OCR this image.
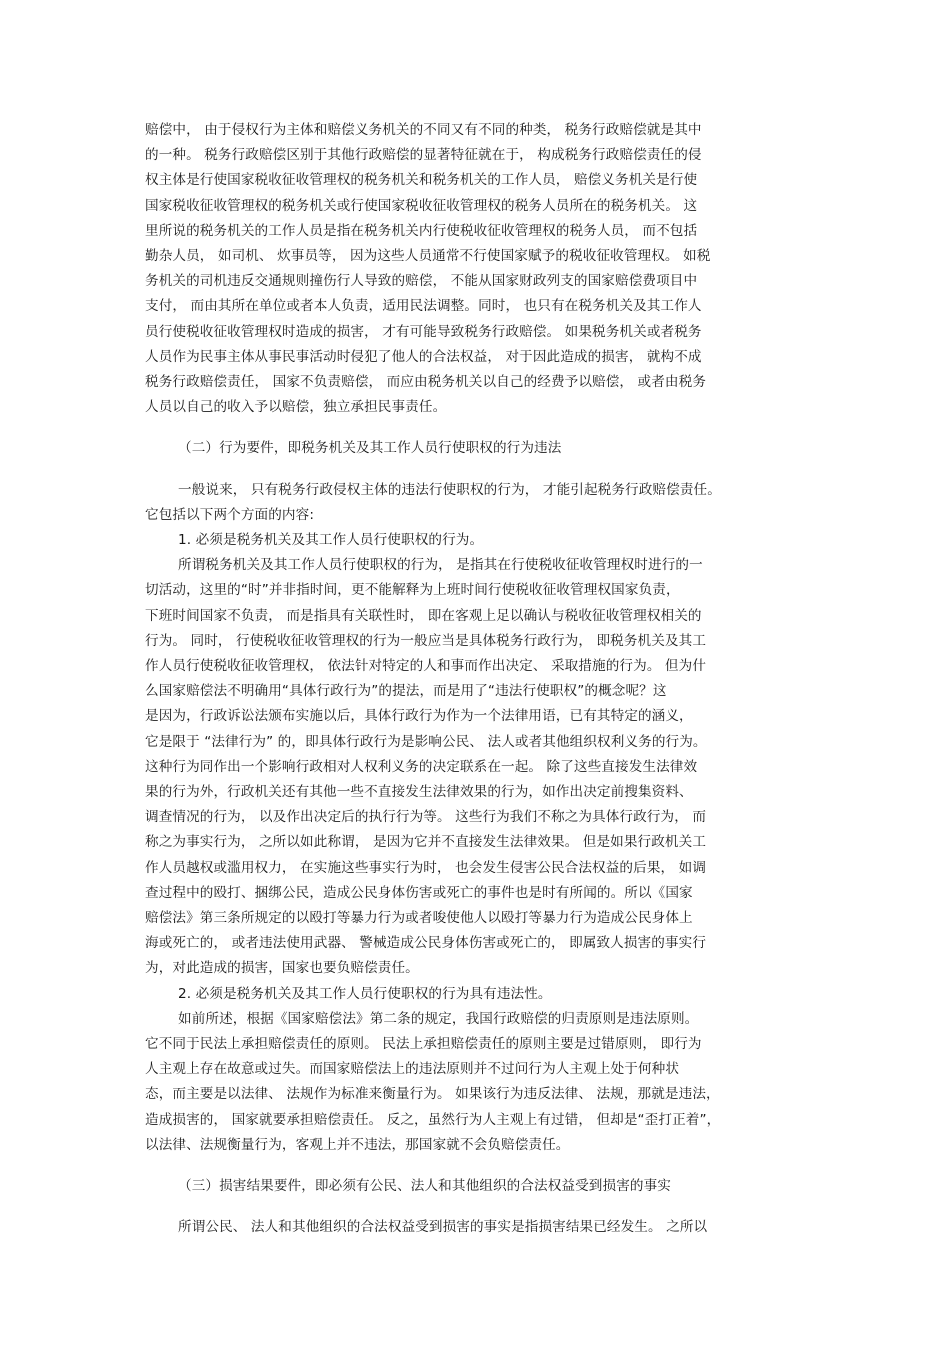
赔偿中， 由于侵权行为主体和赔偿义务机关的不同又有不同的种类， 税务行政赔偿就是其中
的一种。 税务行政赔偿区别于其他行政赔偿的显著特征就在于， 构成税务行政赔偿责任的侵
权主体是行使国家税收征收管理权的税务机关和税务机关的工作人员， 赔偿义务机关是行使
国家税收征收管理权的税务机关或行使国家税收征收管理权的税务人员所在的税务机关。 这
里所说的税务机关的工作人员是指在税务机关内行使税收征收管理权的税务人员， 而不包括
勤杂人员， 如司机、 炊事员等， 因为这些人员通常不行使国家赋予的税收征收管理权。 如税
务机关的司机违反交通规则撞伤行人导致的赔偿， 不能从国家财政列支的国家赔偿费项目中
支付， 而由其所在单位或者本人负责，适用民法调整。同时， 也只有在税务机关及其工作人
员行使税收征收管理权时造成的损害， 才有可能导致税务行政赔偿。 如果税务机关或者税务
人员作为民事主体从事民事活动时侵犯了他人的合法权益， 对于因此造成的损害， 就构不成
税务行政赔偿责任， 国家不负责赔偿， 而应由税务机关以自己的经费予以赔偿， 或者由税务
人员以自己的收入予以赔偿，独立承担民事责任。
（二）行为要件，即税务机关及其工作人员行使职权的行为违法
一般说来， 只有税务行政侵权主体的违法行使职权的行为， 才能引起税务行政赔偿责任。
它包括以下两个方面的内容:
1. 必须是税务机关及其工作人员行使职权的行为。
所谓税务机关及其工作人员行使职权的行为， 是指其在行使税收征收管理权时进行的一
切活动，这里的“时”并非指时间，更不能解释为上班时间行使税收征收管理权国家负责，
下班时间国家不负责， 而是指具有关联性时， 即在客观上足以确认与税收征收管理权相关的
行为。 同时， 行使税收征收管理权的行为一般应当是具体税务行政行为， 即税务机关及其工
作人员行使税收征收管理权， 依法针对特定的人和事而作出决定、 采取措施的行为。 但为什
么国家赔偿法不明确用“具体行政行为”的提法，而是用了“违法行使职权”的概念呢？这
是因为，行政诉讼法颁布实施以后，具体行政行为作为一个法律用语，已有其特定的涵义，
它是限于 “法律行为” 的，即具体行政行为是影响公民、 法人或者其他组织权利义务的行为。
这种行为同作出一个影响行政相对人权利义务的决定联系在一起。 除了这些直接发生法律效
果的行为外，行政机关还有其他一些不直接发生法律效果的行为，如作出决定前搜集资料、
调查情况的行为， 以及作出决定后的执行行为等。 这些行为我们不称之为具体行政行为， 而
称之为事实行为， 之所以如此称谓， 是因为它并不直接发生法律效果。 但是如果行政机关工
作人员越权或滥用权力， 在实施这些事实行为时， 也会发生侵害公民合法权益的后果， 如调
查过程中的殴打、捆绑公民，造成公民身体伤害或死亡的事件也是时有所闻的。所以《国家
赔偿法》第三条所规定的以殴打等暴力行为或者唆使他人以殴打等暴力行为造成公民身体上
海或死亡的， 或者违法使用武器、 警械造成公民身体伤害或死亡的， 即属致人损害的事实行
为，对此造成的损害，国家也要负赔偿责任。
2. 必须是税务机关及其工作人员行使职权的行为具有违法性。
如前所述，根据《国家赔偿法》第二条的规定，我国行政赔偿的归责原则是违法原则。
它不同于民法上承担赔偿责任的原则。 民法上承担赔偿责任的原则主要是过错原则， 即行为
人主观上存在故意或过失。而国家赔偿法上的违法原则并不过问行为人主观上处于何种状
态，而主要是以法律、 法规作为标准来衡量行为。 如果该行为违反法律、 法规，那就是违法，
造成损害的， 国家就要承担赔偿责任。 反之，虽然行为人主观上有过错， 但却是“歪打正着”，
以法律、法规衡量行为，客观上并不违法，那国家就不会负赔偿责任。
（三）损害结果要件，即必须有公民、法人和其他组织的合法权益受到损害的事实
所谓公民、 法人和其他组织的合法权益受到损害的事实是指损害结果已经发生。 之所以
